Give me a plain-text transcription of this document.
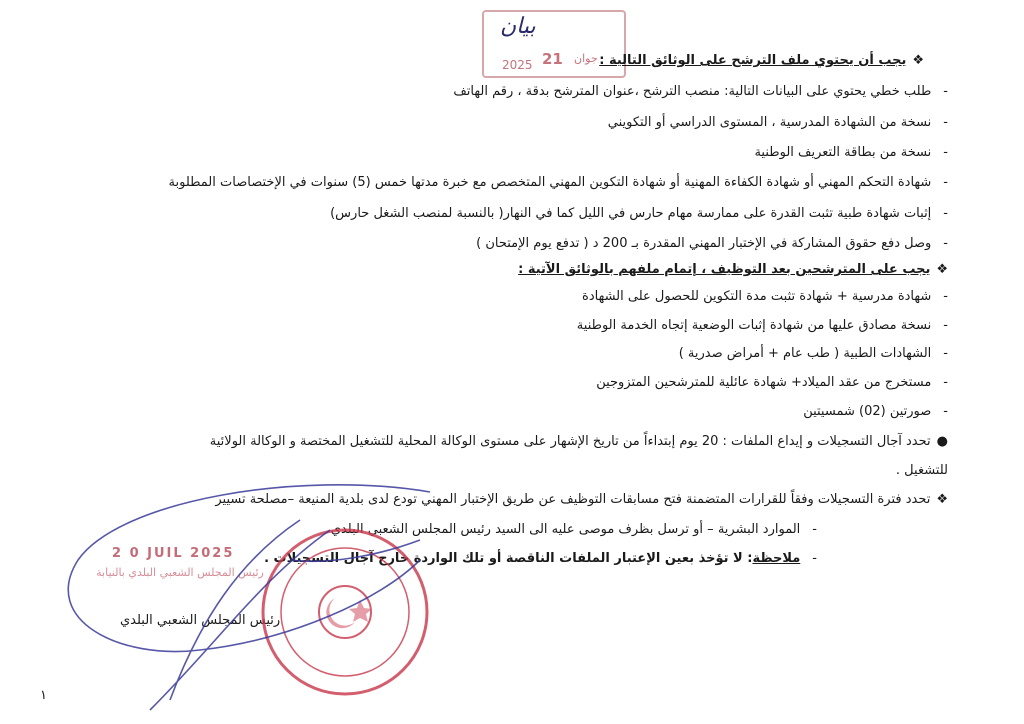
2025 21 جوان
بيان
❖يجب أن يحتوي ملف الترشح على الوثائق التالية :
-طلب خطي يحتوي على البيانات التالية: منصب الترشح ،عنوان المترشح بدقة ، رقم الهاتف
-نسخة من الشهادة المدرسية ، المستوى الدراسي أو التكويني
-نسخة من بطاقة التعريف الوطنية
-شهادة التحكم المهني أو شهادة الكفاءة المهنية أو شهادة التكوين المهني المتخصص مع خبرة مدتها خمس (5) سنوات في الإختصاصات المطلوبة
-إثبات شهادة طبية تثبت القدرة على ممارسة مهام حارس في الليل كما في النهار( بالنسبة لمنصب الشغل حارس)
-وصل دفع حقوق المشاركة في الإختبار المهني المقدرة بـ 200 د ( تدفع يوم الإمتحان )
❖يجب على المترشحين بعد التوظيف ، إتمام ملفهم بالوثائق الآتية :
-شهادة مدرسية + شهادة تثبت مدة التكوين للحصول على الشهادة
-نسخة مصادق عليها من شهادة إثبات الوضعية إتجاه الخدمة الوطنية
-الشهادات الطبية ( طب عام + أمراض صدرية )
-مستخرج من عقد الميلاد+ شهادة عائلية للمترشحين المتزوجين
-صورتين (02) شمسيتين
●تحدد آجال التسجيلات و إيداع الملفات : 20 يوم إبتداءاً من تاريخ الإشهار على مستوى الوكالة المحلية للتشغيل المختصة و الوكالة الولائية
للتشغيل .
❖تحدد فترة التسجيلات وفقاً للقرارات المتضمنة فتح مسابقات التوظيف عن طريق الإختبار المهني تودع لدى بلدية المنيعة –مصلحة تسيير
-الموارد البشرية – أو ترسل بظرف موصى عليه الى السيد رئيس المجلس الشعبي البلدي
-ملاحظة: لا تؤخذ بعين الإعتبار الملفات الناقصة أو تلك الواردة خارج آجال التسجيلات .
2 0 JUIL 2025
رئيس المجلس الشعبي البلدي بالنيابة
رئيس المجلس الشعبي البلدي
١
